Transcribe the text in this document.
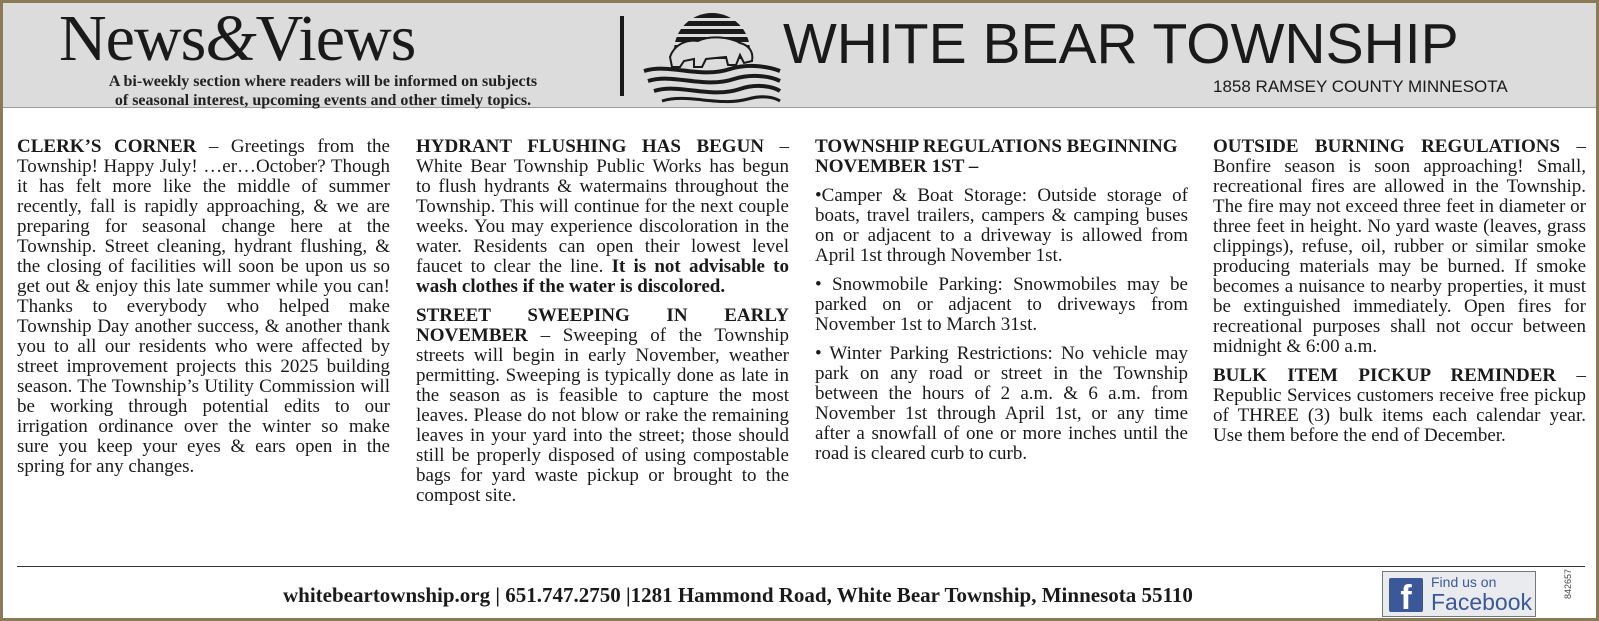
News&Views
A bi-weekly section where readers will be informed on subjects
of seasonal interest, upcoming events and other timely topics.
WHITE BEAR TOWNSHIP
1858 RAMSEY COUNTY MINNESOTA

CLERK’S CORNER – Greetings from the Township! Happy July! …er…October? Though it has felt more like the middle of summer recently, fall is rapidly approaching, & we are preparing for seasonal change here at the Township. Street cleaning, hydrant flushing, & the closing of facilities will soon be upon us so get out & enjoy this late summer while you can! Thanks to everybody who helped make Township Day another success, & another thank you to all our residents who were affected by street improvement projects this 2025 building season. The Township’s Utility Commission will be working through potential edits to our irrigation ordinance over the winter so make sure you keep your eyes & ears open in the spring for any changes.

HYDRANT FLUSHING HAS BEGUN – White Bear Township Public Works has begun to flush hydrants & watermains throughout the Township. This will continue for the next couple weeks. You may experience discoloration in the water. Residents can open their lowest level faucet to clear the line. It is not advisable to wash clothes if the water is discolored.

STREET SWEEPING IN EARLY NOVEMBER – Sweeping of the Township streets will begin in early November, weather permitting. Sweeping is typically done as late in the season as is feasible to capture the most leaves. Please do not blow or rake the remaining leaves in your yard into the street; those should still be properly disposed of using compostable bags for yard waste pickup or brought to the compost site.

TOWNSHIP REGULATIONS BEGINNING NOVEMBER 1ST –

•Camper & Boat Storage: Outside storage of boats, travel trailers, campers & camping buses on or adjacent to a driveway is allowed from April 1st through November 1st.

• Snowmobile Parking: Snowmobiles may be parked on or adjacent to driveways from November 1st to March 31st.

• Winter Parking Restrictions: No vehicle may park on any road or street in the Township between the hours of 2 a.m. & 6 a.m. from November 1st through April 1st, or any time after a snowfall of one or more inches until the road is cleared curb to curb.

OUTSIDE BURNING REGULATIONS – Bonfire season is soon approaching! Small, recreational fires are allowed in the Township. The fire may not exceed three feet in diameter or three feet in height. No yard waste (leaves, grass clippings), refuse, oil, rubber or similar smoke producing materials may be burned. If smoke becomes a nuisance to nearby properties, it must be extinguished immediately. Open fires for recreational purposes shall not occur between midnight & 6:00 a.m.

BULK ITEM PICKUP REMINDER – Republic Services customers receive free pickup of THREE (3) bulk items each calendar year. Use them before the end of December.

whitebeartownship.org | 651.747.2750 |1281 Hammond Road, White Bear Township, Minnesota 55110	f	Find us on
Facebook
842657
